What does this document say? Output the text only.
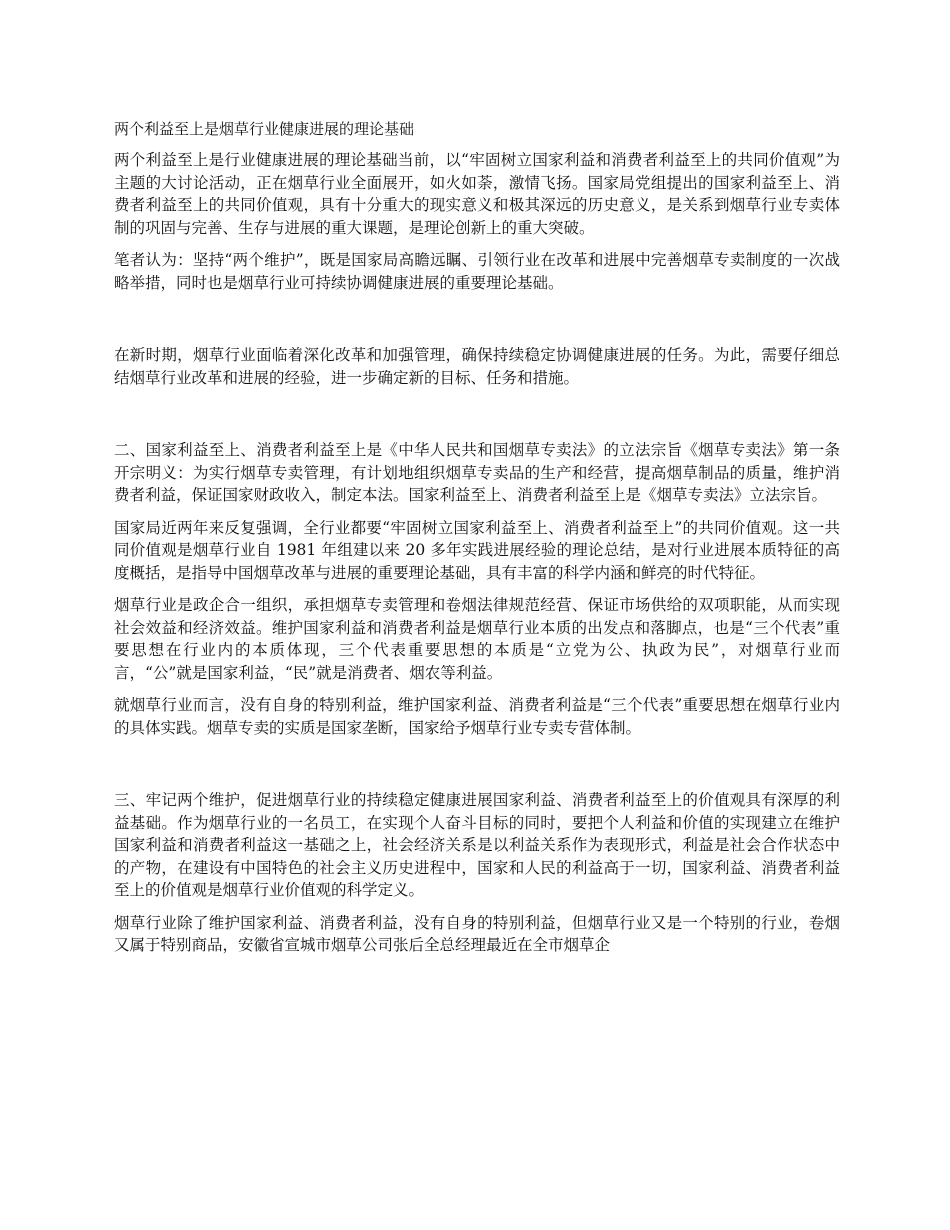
两个利益至上是烟草行业健康进展的理论基础

两个利益至上是行业健康进展的理论基础当前，以“牢固树立国家利益和消费者利益至上的共同价值观”为主题的大讨论活动，正在烟草行业全面展开，如火如荼，激情飞扬。国家局党组提出的国家利益至上、消费者利益至上的共同价值观，具有十分重大的现实意义和极其深远的历史意义，是关系到烟草行业专卖体制的巩固与完善、生存与进展的重大课题，是理论创新上的重大突破。

笔者认为：坚持“两个维护”，既是国家局高瞻远瞩、引领行业在改革和进展中完善烟草专卖制度的一次战略举措，同时也是烟草行业可持续协调健康进展的重要理论基础。

在新时期，烟草行业面临着深化改革和加强管理，确保持续稳定协调健康进展的任务。为此，需要仔细总结烟草行业改革和进展的经验，进一步确定新的目标、任务和措施。

二、国家利益至上、消费者利益至上是《中华人民共和国烟草专卖法》的立法宗旨《烟草专卖法》第一条开宗明义：为实行烟草专卖管理，有计划地组织烟草专卖品的生产和经营，提高烟草制品的质量，维护消费者利益，保证国家财政收入，制定本法。国家利益至上、消费者利益至上是《烟草专卖法》立法宗旨。

国家局近两年来反复强调，全行业都要“牢固树立国家利益至上、消费者利益至上”的共同价值观。这一共同价值观是烟草行业自 1981 年组建以来 20 多年实践进展经验的理论总结，是对行业进展本质特征的高度概括，是指导中国烟草改革与进展的重要理论基础，具有丰富的科学内涵和鲜亮的时代特征。

烟草行业是政企合一组织，承担烟草专卖管理和卷烟法律规范经营、保证市场供给的双项职能，从而实现社会效益和经济效益。维护国家利益和消费者利益是烟草行业本质的出发点和落脚点，也是“三个代表”重要思想在行业内的本质体现，三个代表重要思想的本质是“立党为公、执政为民”，对烟草行业而言，“公”就是国家利益，“民”就是消费者、烟农等利益。

就烟草行业而言，没有自身的特别利益，维护国家利益、消费者利益是“三个代表”重要思想在烟草行业内的具体实践。烟草专卖的实质是国家垄断，国家给予烟草行业专卖专营体制。

三、牢记两个维护，促进烟草行业的持续稳定健康进展国家利益、消费者利益至上的价值观具有深厚的利益基础。作为烟草行业的一名员工，在实现个人奋斗目标的同时，要把个人利益和价值的实现建立在维护国家利益和消费者利益这一基础之上，社会经济关系是以利益关系作为表现形式，利益是社会合作状态中的产物，在建设有中国特色的社会主义历史进程中，国家和人民的利益高于一切，国家利益、消费者利益至上的价值观是烟草行业价值观的科学定义。

烟草行业除了维护国家利益、消费者利益，没有自身的特别利益，但烟草行业又是一个特别的行业，卷烟又属于特别商品，安徽省宣城市烟草公司张后全总经理最近在全市烟草企
